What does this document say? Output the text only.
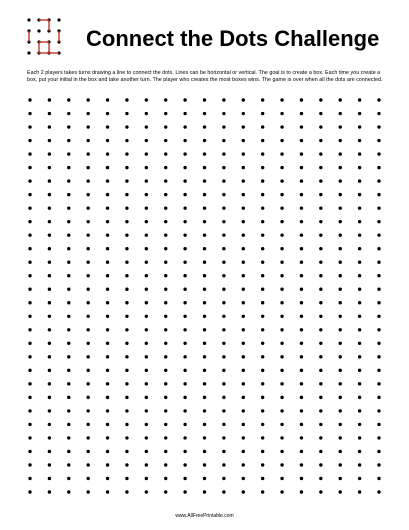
Connect the Dots Challenge
Each 2 players takes turns drawing a line to connect the dots. Lines can be horizontal or vertical. The goal is to create a box. Each time you create a box, put your initial in the box and take another turn. The player who creates the most boxes wins. The game is over when all the dots are connected.
www.AllFreePrintable.com
